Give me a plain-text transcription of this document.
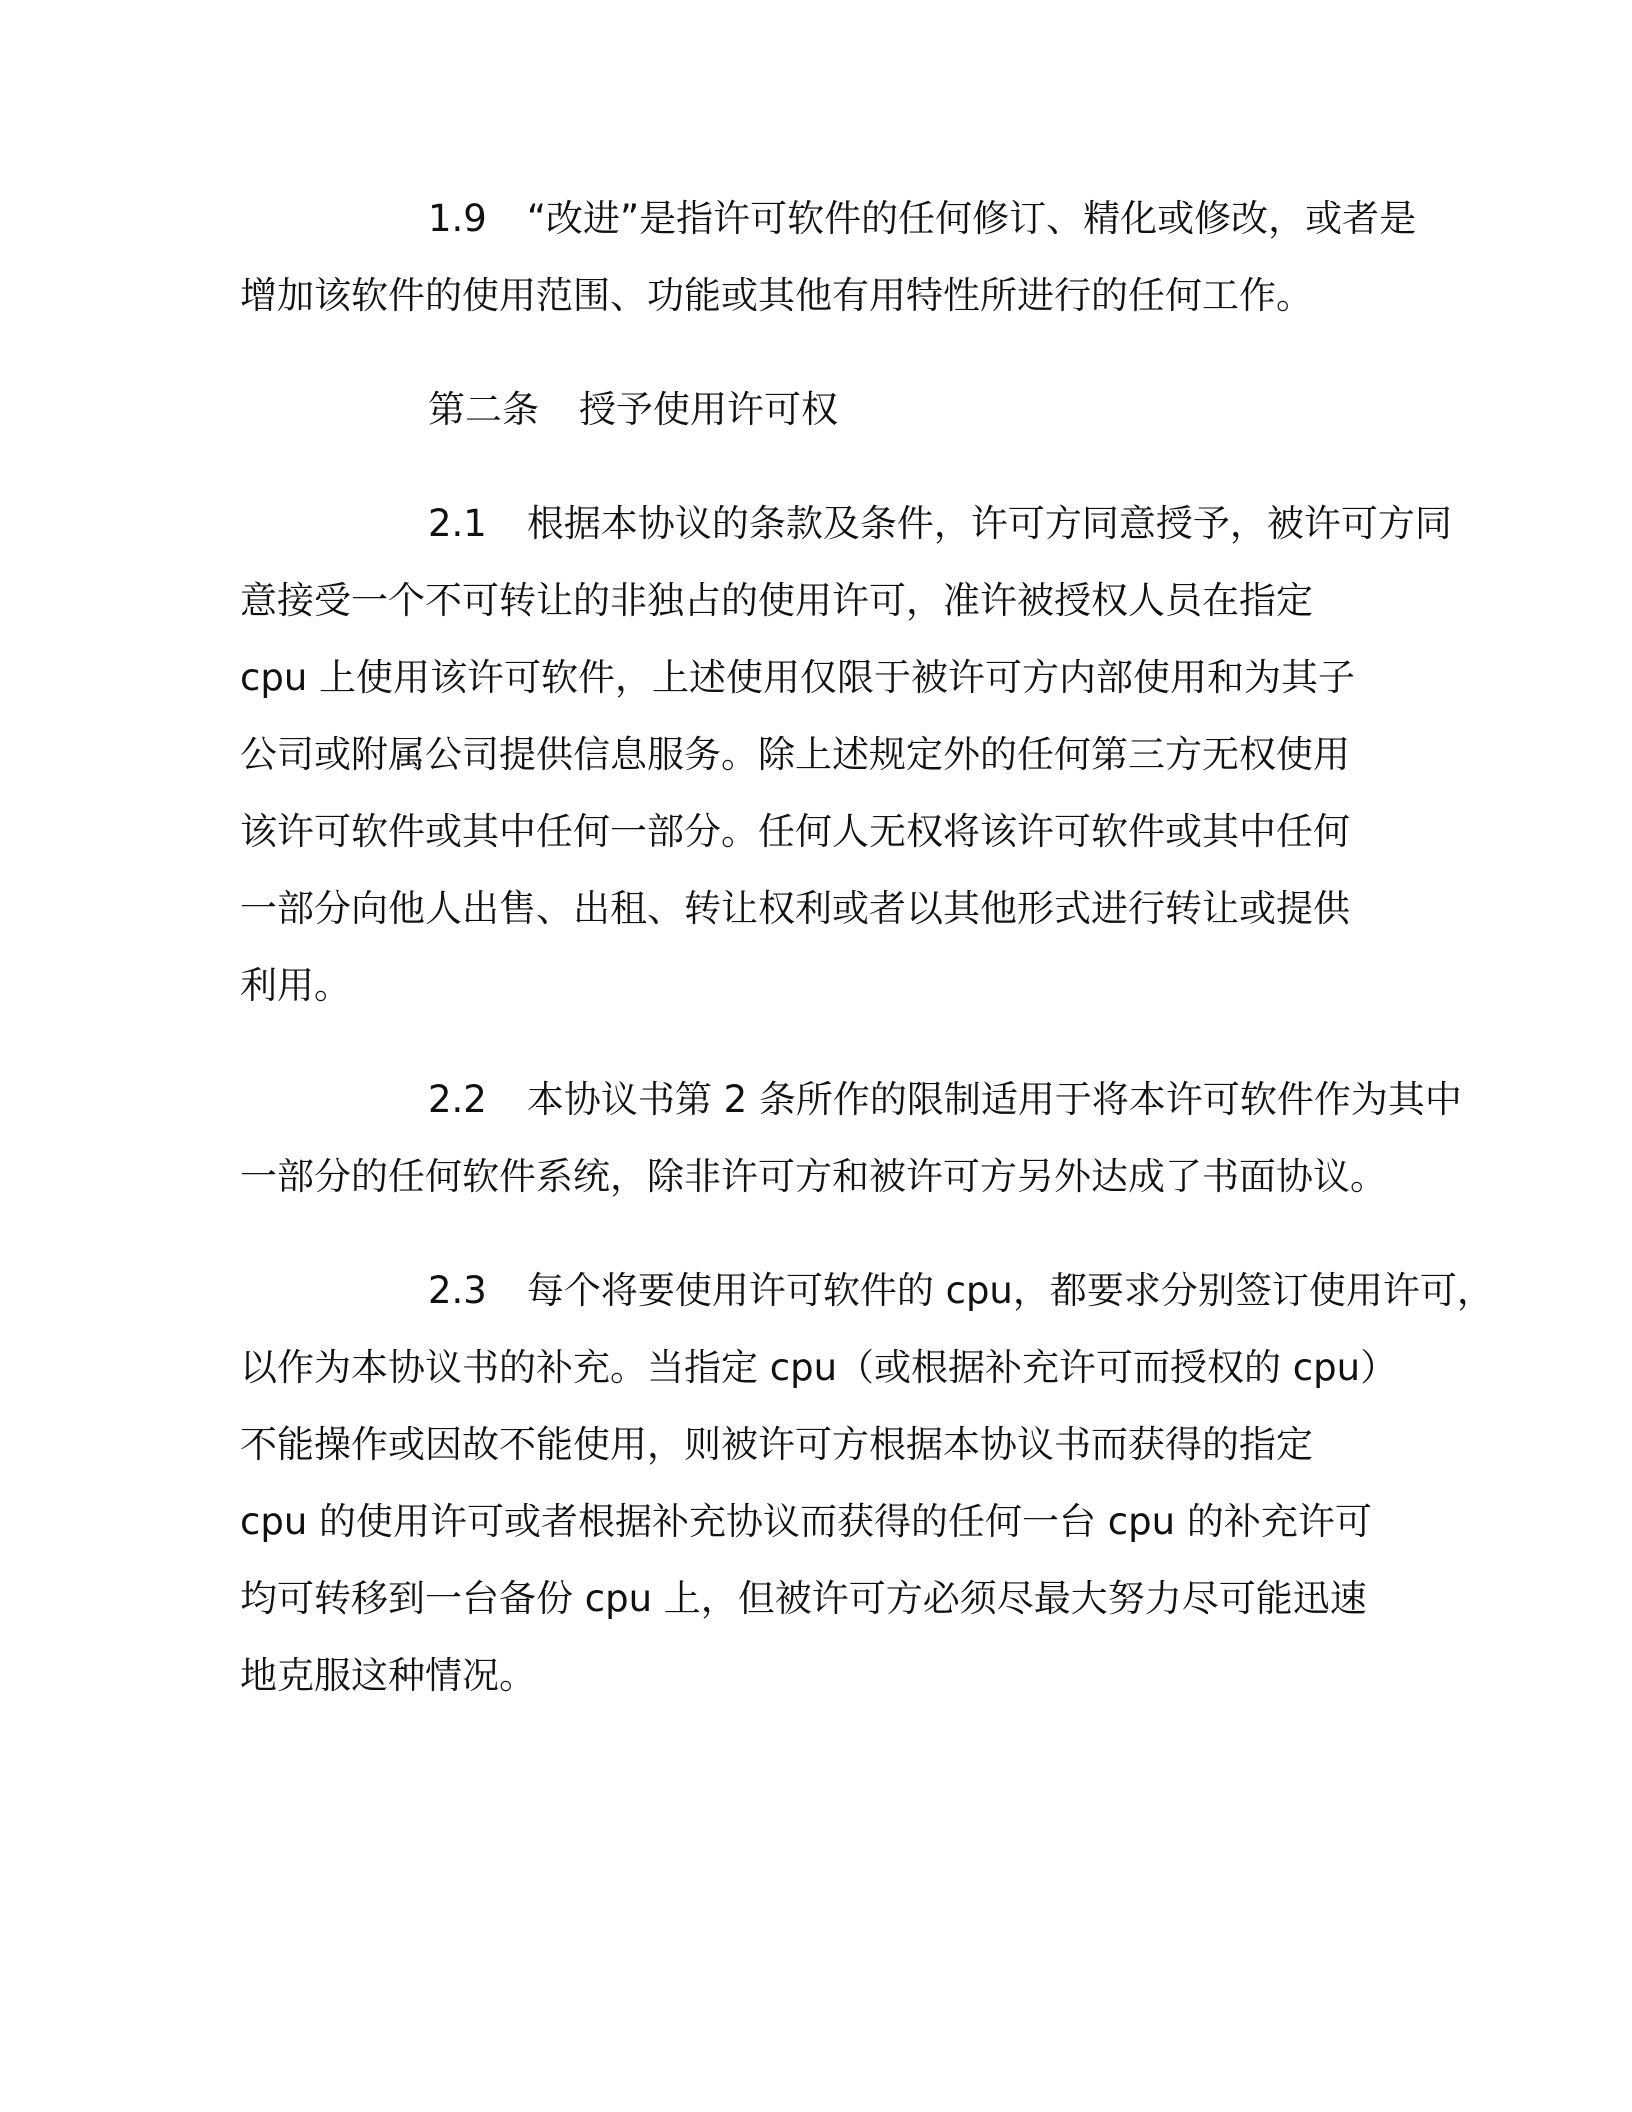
1.9 “改进”是指许可软件的任何修订、精化或修改，或者是
增加该软件的使用范围、功能或其他有用特性所进行的任何工作。

第二条 授予使用许可权

2.1 根据本协议的条款及条件，许可方同意授予，被许可方同
意接受一个不可转让的非独占的使用许可，准许被授权人员在指定
cpu 上使用该许可软件，上述使用仅限于被许可方内部使用和为其子
公司或附属公司提供信息服务。除上述规定外的任何第三方无权使用
该许可软件或其中任何一部分。任何人无权将该许可软件或其中任何
一部分向他人出售、出租、转让权利或者以其他形式进行转让或提供
利用。

2.2 本协议书第 2 条所作的限制适用于将本许可软件作为其中
一部分的任何软件系统，除非许可方和被许可方另外达成了书面协议。

2.3 每个将要使用许可软件的 cpu，都要求分别签订使用许可，
以作为本协议书的补充。当指定 cpu（或根据补充许可而授权的 cpu）
不能操作或因故不能使用，则被许可方根据本协议书而获得的指定
cpu 的使用许可或者根据补充协议而获得的任何一台 cpu 的补充许可
均可转移到一台备份 cpu 上，但被许可方必须尽最大努力尽可能迅速
地克服这种情况。
